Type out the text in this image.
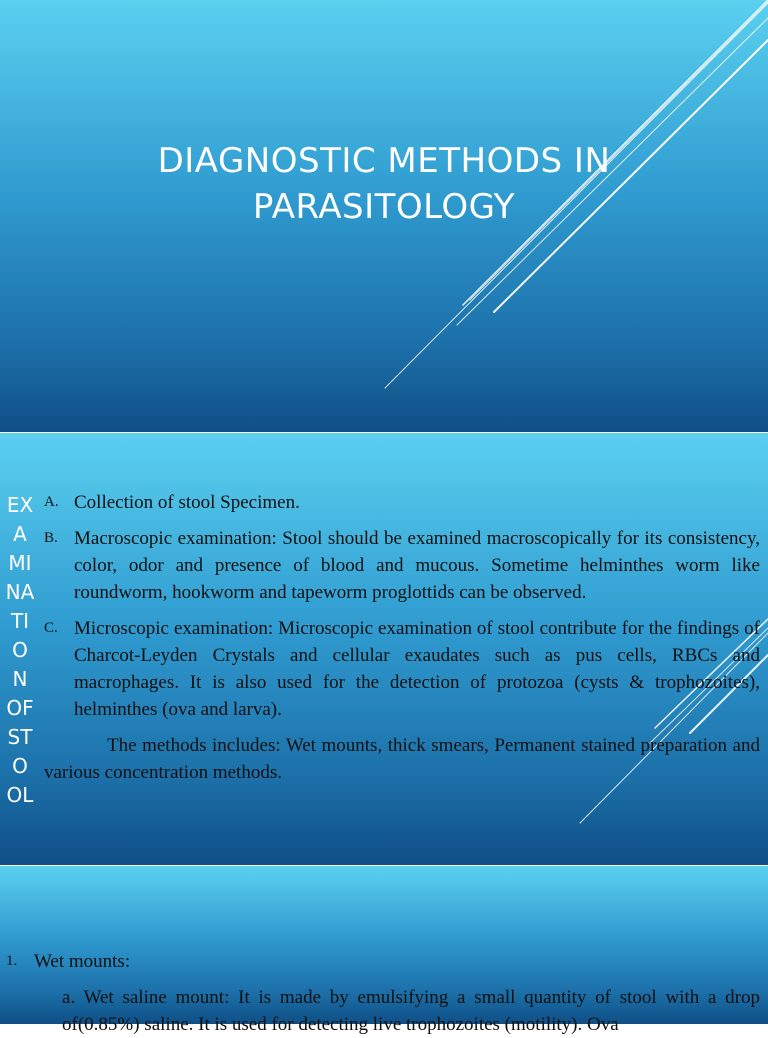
DIAGNOSTIC METHODS IN PARASITOLOGY
EXA
MI
NA
TI
O
N
OF
ST
O
OL
A. Collection of stool Specimen.
B. Macroscopic examination: Stool should be examined macroscopically for its consistency, color, odor and presence of blood and mucous. Sometime helminthes worm like roundworm, hookworm and tapeworm proglottids can be observed.
C. Microscopic examination: Microscopic examination of stool contribute for the findings of Charcot-Leyden Crystals and cellular exaudates such as pus cells, RBCs and macrophages. It is also used for the detection of protozoa (cysts & trophozoites), helminthes (ova and larva).
The methods includes: Wet mounts, thick smears, Permanent stained preparation and various concentration methods.
1. Wet mounts:
a. Wet saline mount: It is made by emulsifying a small quantity of stool with a drop of(0.85%) saline. It is used for detecting live trophozoites (motility). Ova
